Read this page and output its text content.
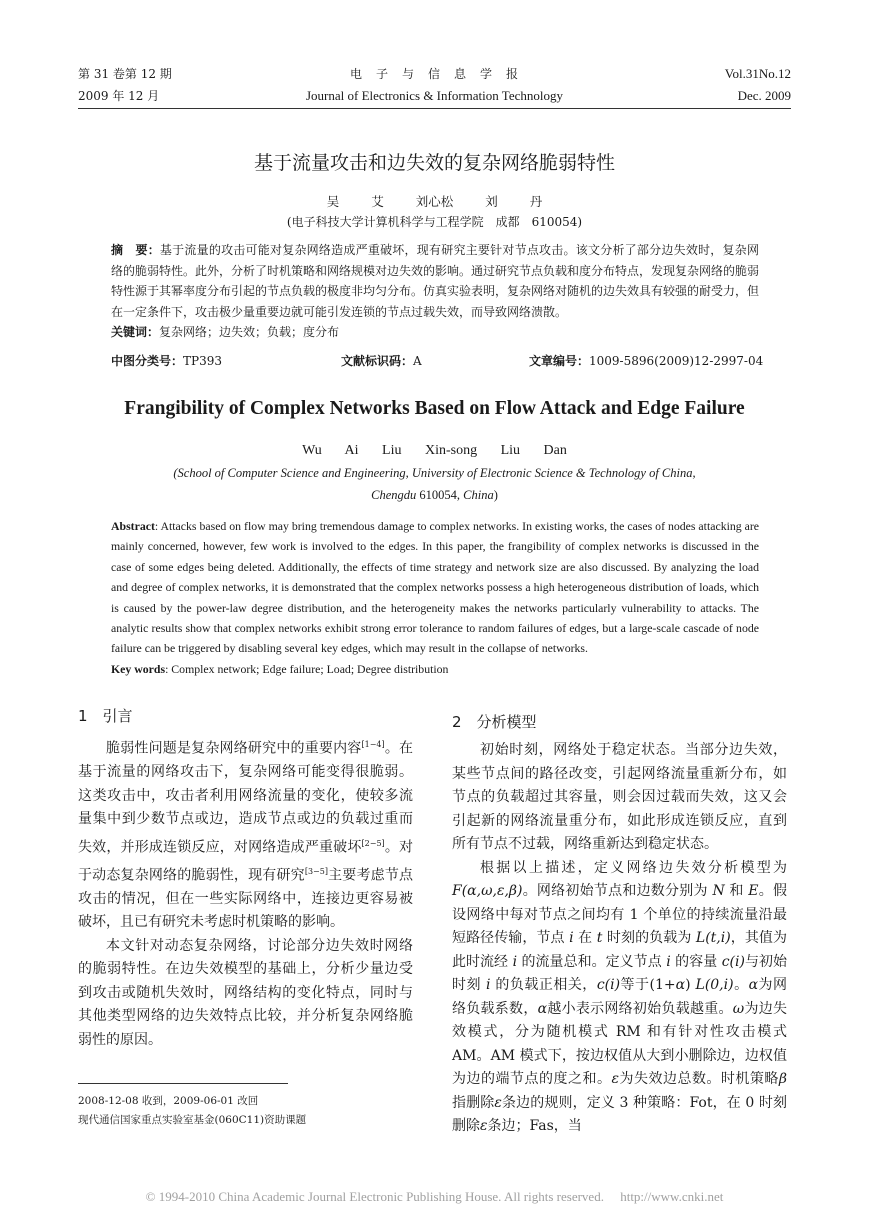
第 31 卷第 12 期
2009 年 12 月
电　子　与　信　息　学　报
Journal of Electronics & Information Technology
Vol.31No.12
Dec. 2009
基于流量攻击和边失效的复杂网络脆弱特性
吴 艾 刘心松 刘 丹
(电子科技大学计算机科学与工程学院　成都　610054)
摘　要：基于流量的攻击可能对复杂网络造成严重破坏，现有研究主要针对节点攻击。该文分析了部分边失效时，复杂网络的脆弱特性。此外，分析了时机策略和网络规模对边失效的影响。通过研究节点负载和度分布特点，发现复杂网络的脆弱特性源于其幂率度分布引起的节点负载的极度非均匀分布。仿真实验表明，复杂网络对随机的边失效具有较强的耐受力，但在一定条件下，攻击极少量重要边就可能引发连锁的节点过载失效，而导致网络溃散。
关键词：复杂网络；边失效；负载；度分布
中图分类号：TP393	文献标识码：A	文章编号：1009-5896(2009)12-2997-04
Frangibility of Complex Networks Based on Flow Attack and Edge Failure
Wu Ai Liu Xin-song Liu Dan
(School of Computer Science and Engineering, University of Electronic Science & Technology of China,
Chengdu 610054, China)
Abstract: Attacks based on flow may bring tremendous damage to complex networks. In existing works, the cases of nodes attacking are mainly concerned, however, few work is involved to the edges. In this paper, the frangibility of complex networks is discussed in the case of some edges being deleted. Additionally, the effects of time strategy and network size are also discussed. By analyzing the load and degree of complex networks, it is demonstrated that the complex networks possess a high heterogeneous distribution of loads, which is caused by the power-law degree distribution, and the heterogeneity makes the networks particularly vulnerability to attacks. The analytic results show that complex networks exhibit strong error tolerance to random failures of edges, but a large-scale cascade of node failure can be triggered by disabling several key edges, which may result in the collapse of networks.
Key words: Complex network; Edge failure; Load; Degree distribution
1　引言

脆弱性问题是复杂网络研究中的重要内容[1−4]。在基于流量的网络攻击下，复杂网络可能变得很脆弱。这类攻击中，攻击者利用网络流量的变化，使较多流量集中到少数节点或边，造成节点或边的负载过重而失效，并形成连锁反应，对网络造成严重破坏[2−5]。对于动态复杂网络的脆弱性，现有研究[3−5]主要考虑节点攻击的情况，但在一些实际网络中，连接边更容易被破坏，且已有研究未考虑时机策略的影响。

本文针对动态复杂网络，讨论部分边失效时网络的脆弱特性。在边失效模型的基础上，分析少量边受到攻击或随机失效时，网络结构的变化特点，同时与其他类型网络的边失效特点比较，并分析复杂网络脆弱性的原因。

2　分析模型

初始时刻，网络处于稳定状态。当部分边失效，某些节点间的路径改变，引起网络流量重新分布，如节点的负载超过其容量，则会因过载而失效，这又会引起新的网络流量重分布，如此形成连锁反应，直到所有节点不过载，网络重新达到稳定状态。

根据以上描述，定义网络边失效分析模型为F(α,ω,ε,β)。网络初始节点和边数分别为 N 和 E。假设网络中每对节点之间均有 1 个单位的持续流量沿最短路径传输，节点 i 在 t 时刻的负载为 L(t,i)，其值为此时流经 i 的流量总和。定义节点 i 的容量 c(i)与初始时刻 i 的负载正相关，c(i)等于(1+α) L(0,i)。α为网络负载系数，α越小表示网络初始负载越重。ω为边失效模式，分为随机模式 RM 和有针对性攻击模式 AM。AM 模式下，按边权值从大到小删除边，边权值为边的端节点的度之和。ε为失效边总数。时机策略β指删除ε条边的规则，定义 3 种策略：Fot，在 0 时刻删除ε条边；Fas，当

2008-12-08 收到，2009-06-01 改回
现代通信国家重点实验室基金(060C11)资助课题
© 1994-2010 China Academic Journal Electronic Publishing House. All rights reserved.　 http://www.cnki.net
